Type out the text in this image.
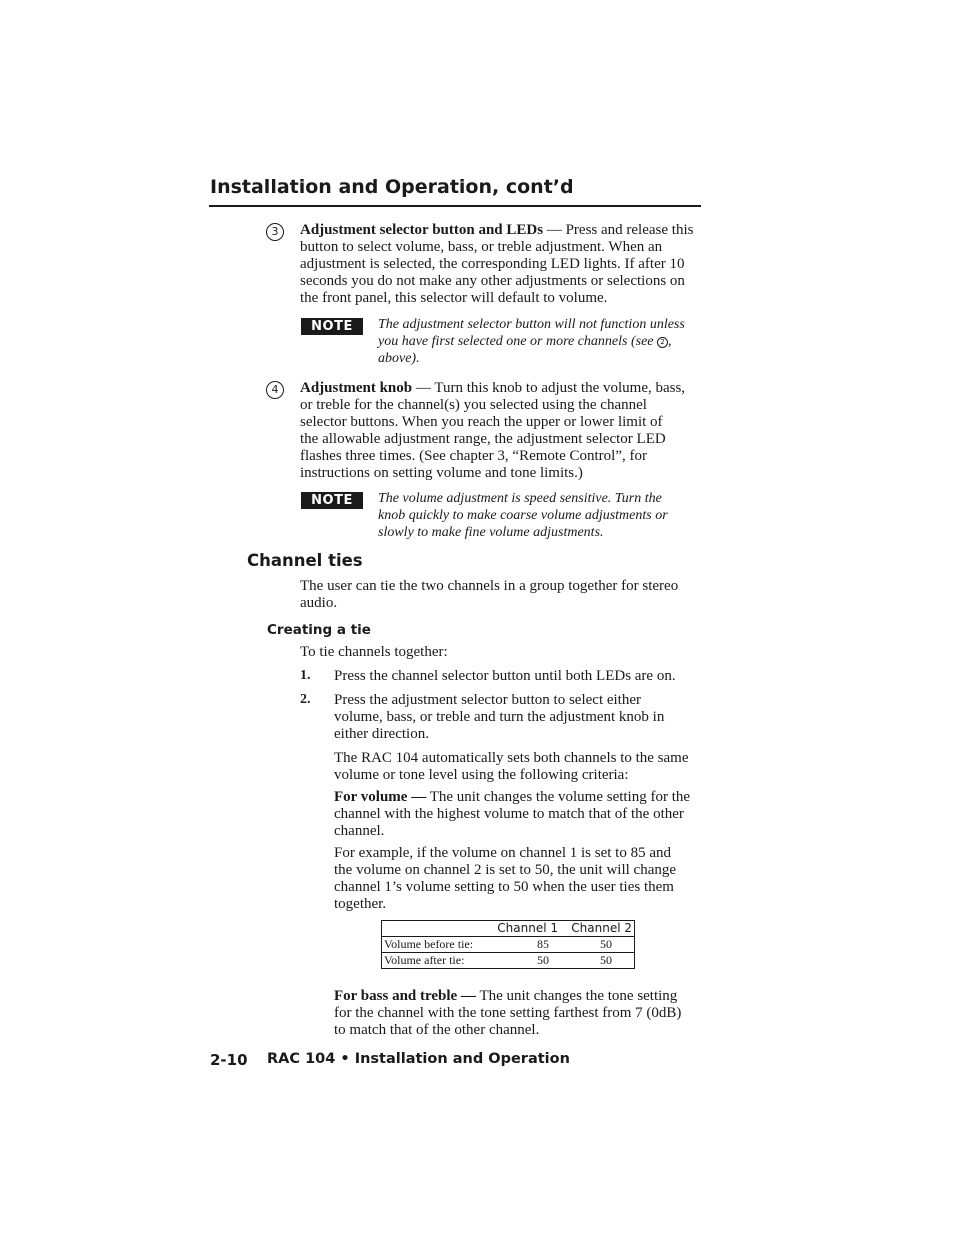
Installation and Operation, cont’d
3	Adjustment selector button and LEDs — Press and release this
button to select volume, bass, or treble adjustment. When an
adjustment is selected, the corresponding LED lights. If after 10
seconds you do not make any other adjustments or selections on
the front panel, this selector will default to volume.
NOTE	The adjustment selector button will not function unless
you have first selected one or more channels (see 2 ,
above).
4	Adjustment knob — Turn this knob to adjust the volume, bass,
or treble for the channel(s) you selected using the channel
selector buttons. When you reach the upper or lower limit of
the allowable adjustment range, the adjustment selector LED
flashes three times. (See chapter 3, “Remote Control”, for
instructions on setting volume and tone limits.)
NOTE	The volume adjustment is speed sensitive. Turn the
knob quickly to make coarse volume adjustments or
slowly to make fine volume adjustments.
Channel ties
The user can tie the two channels in a group together for stereo
audio.
Creating a tie
To tie channels together:
1. Press the channel selector button until both LEDs are on.
2. Press the adjustment selector button to select either
volume, bass, or treble and turn the adjustment knob in
either direction.
The RAC 104 automatically sets both channels to the same
volume or tone level using the following criteria:
For volume — The unit changes the volume setting for the
channel with the highest volume to match that of the other
channel.
For example, if the volume on channel 1 is set to 85 and
the volume on channel 2 is set to 50, the unit will change
channel 1’s volume setting to 50 when the user ties them
together.
	Channel 1	Channel 2
Volume before tie:	85	50
Volume after tie:	50	50
For bass and treble — The unit changes the tone setting
for the channel with the tone setting farthest from 7 (0dB)
to match that of the other channel.
2-10 RAC 104 • Installation and Operation
